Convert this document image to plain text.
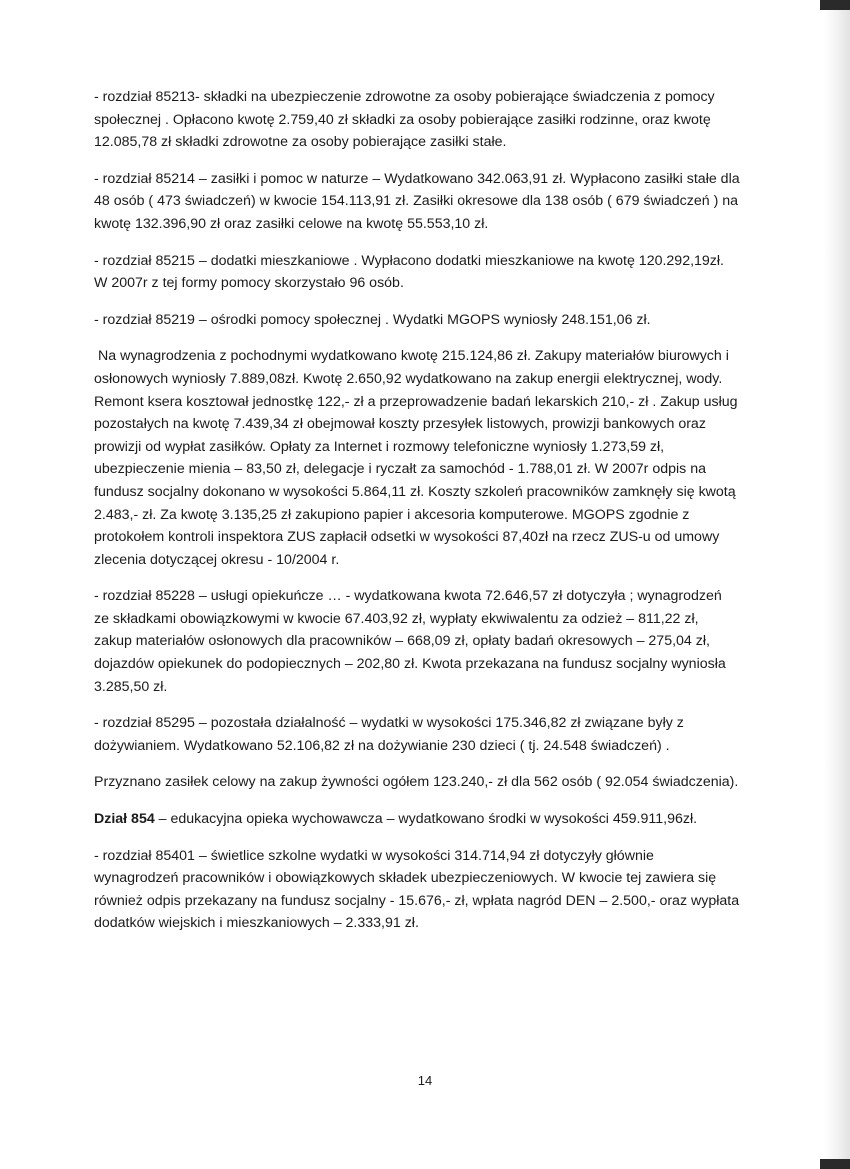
- rozdział 85213- składki na ubezpieczenie zdrowotne za osoby pobierające świadczenia z pomocy społecznej . Opłacono kwotę 2.759,40 zł składki za osoby pobierające zasiłki rodzinne, oraz kwotę 12.085,78 zł składki zdrowotne za osoby pobierające zasiłki stałe.

- rozdział 85214 – zasiłki i pomoc w naturze – Wydatkowano 342.063,91 zł. Wypłacono zasiłki stałe dla 48 osób ( 473 świadczeń) w kwocie 154.113,91 zł. Zasiłki okresowe dla 138 osób ( 679 świadczeń ) na kwotę 132.396,90 zł oraz zasiłki celowe na kwotę 55.553,10 zł.

- rozdział 85215 – dodatki mieszkaniowe . Wypłacono dodatki mieszkaniowe na kwotę 120.292,19zł. W 2007r z tej formy pomocy skorzystało 96 osób.

- rozdział 85219 – ośrodki pomocy społecznej . Wydatki MGOPS wyniosły 248.151,06 zł.

Na wynagrodzenia z pochodnymi wydatkowano kwotę 215.124,86 zł. Zakupy materiałów biurowych i osłonowych wyniosły 7.889,08zł. Kwotę 2.650,92 wydatkowano na zakup energii elektrycznej, wody. Remont ksera kosztował jednostkę 122,- zł a przeprowadzenie badań lekarskich 210,- zł . Zakup usług pozostałych na kwotę 7.439,34 zł obejmował koszty przesyłek listowych, prowizji bankowych oraz prowizji od wypłat zasiłków. Opłaty za Internet i rozmowy telefoniczne wyniosły 1.273,59 zł, ubezpieczenie mienia – 83,50 zł, delegacje i ryczałt za samochód - 1.788,01 zł. W 2007r odpis na fundusz socjalny dokonano w wysokości 5.864,11 zł. Koszty szkoleń pracowników zamknęły się kwotą 2.483,- zł. Za kwotę 3.135,25 zł zakupiono papier i akcesoria komputerowe. MGOPS zgodnie z protokołem kontroli inspektora ZUS zapłacił odsetki w wysokości 87,40zł na rzecz ZUS-u od umowy zlecenia dotyczącej okresu - 10/2004 r.

- rozdział 85228 – usługi opiekuńcze … - wydatkowana kwota 72.646,57 zł dotyczyła ; wynagrodzeń ze składkami obowiązkowymi w kwocie 67.403,92 zł, wypłaty ekwiwalentu za odzież – 811,22 zł, zakup materiałów osłonowych dla pracowników – 668,09 zł, opłaty badań okresowych – 275,04 zł, dojazdów opiekunek do podopiecznych – 202,80 zł. Kwota przekazana na fundusz socjalny wyniosła 3.285,50 zł.

- rozdział 85295 – pozostała działalność – wydatki w wysokości 175.346,82 zł związane były z dożywianiem. Wydatkowano 52.106,82 zł na dożywianie 230 dzieci ( tj. 24.548 świadczeń) .

Przyznano zasiłek celowy na zakup żywności ogółem 123.240,- zł dla 562 osób ( 92.054 świadczenia).

Dział 854 – edukacyjna opieka wychowawcza – wydatkowano środki w wysokości 459.911,96zł.

- rozdział 85401 – świetlice szkolne wydatki w wysokości 314.714,94 zł dotyczyły głównie wynagrodzeń pracowników i obowiązkowych składek ubezpieczeniowych. W kwocie tej zawiera się również odpis przekazany na fundusz socjalny - 15.676,- zł, wpłata nagród DEN – 2.500,- oraz wypłata dodatków wiejskich i mieszkaniowych – 2.333,91 zł.

14
